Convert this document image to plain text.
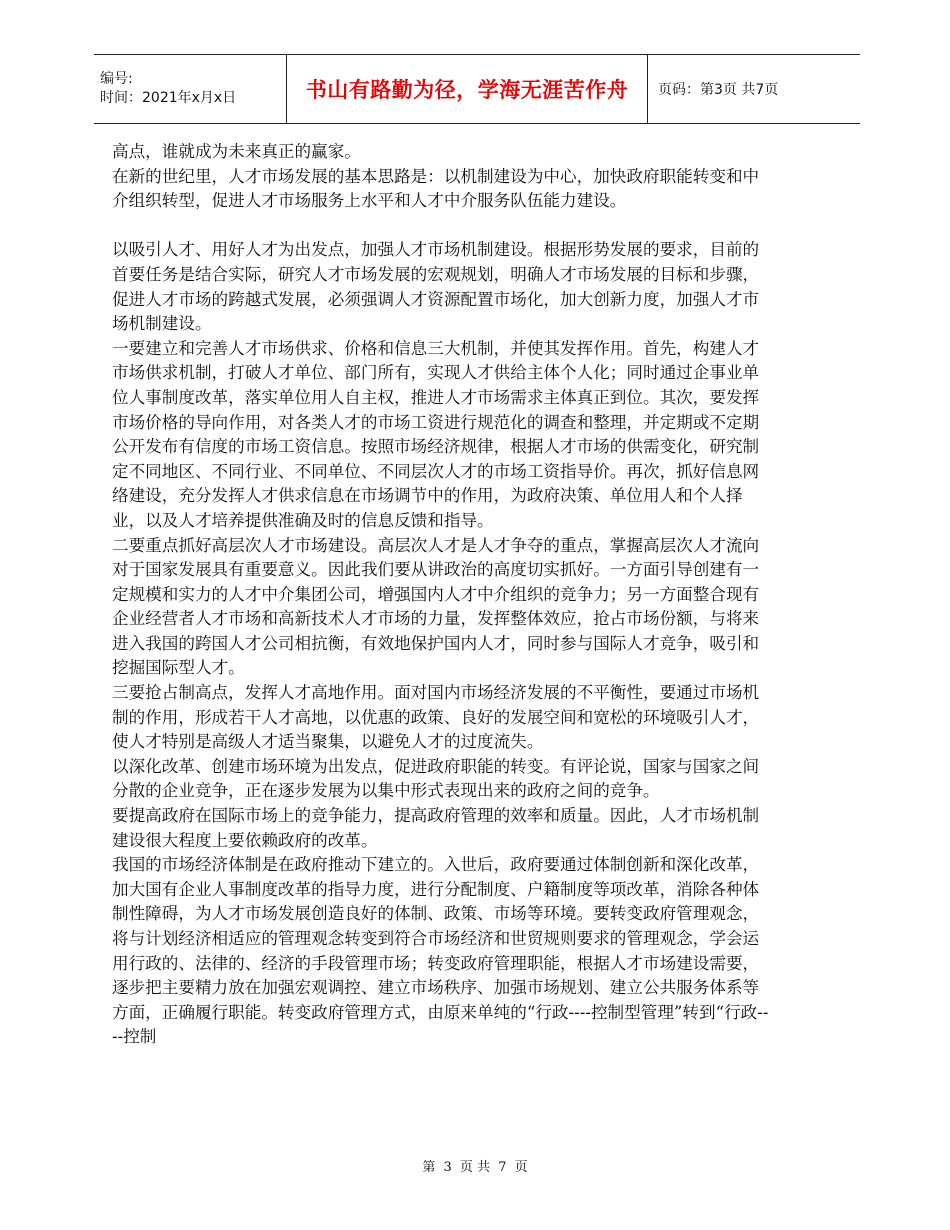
编号:
时间：2021年x月x日	书山有路勤为径，学海无涯苦作舟	页码：第3页 共7页

高点，谁就成为未来真正的赢家。

在新的世纪里，人才市场发展的基本思路是：以机制建设为中心，加快政府职能转变和中介组织转型，促进人才市场服务上水平和人才中介服务队伍能力建设。

以吸引人才、用好人才为出发点，加强人才市场机制建设。根据形势发展的要求，目前的首要任务是结合实际，研究人才市场发展的宏观规划，明确人才市场发展的目标和步骤，促进人才市场的跨越式发展，必须强调人才资源配置市场化，加大创新力度，加强人才市场机制建设。

一要建立和完善人才市场供求、价格和信息三大机制，并使其发挥作用。首先，构建人才市场供求机制，打破人才单位、部门所有，实现人才供给主体个人化；同时通过企事业单位人事制度改革，落实单位用人自主权，推进人才市场需求主体真正到位。其次，要发挥市场价格的导向作用，对各类人才的市场工资进行规范化的调查和整理，并定期或不定期公开发布有信度的市场工资信息。按照市场经济规律，根据人才市场的供需变化，研究制定不同地区、不同行业、不同单位、不同层次人才的市场工资指导价。再次，抓好信息网络建设，充分发挥人才供求信息在市场调节中的作用，为政府决策、单位用人和个人择业，以及人才培养提供准确及时的信息反馈和指导。

二要重点抓好高层次人才市场建设。高层次人才是人才争夺的重点，掌握高层次人才流向对于国家发展具有重要意义。因此我们要从讲政治的高度切实抓好。一方面引导创建有一定规模和实力的人才中介集团公司，增强国内人才中介组织的竞争力；另一方面整合现有企业经营者人才市场和高新技术人才市场的力量，发挥整体效应，抢占市场份额，与将来进入我国的跨国人才公司相抗衡，有效地保护国内人才，同时参与国际人才竞争，吸引和挖掘国际型人才。

三要抢占制高点，发挥人才高地作用。面对国内市场经济发展的不平衡性，要通过市场机制的作用，形成若干人才高地，以优惠的政策、良好的发展空间和宽松的环境吸引人才，使人才特别是高级人才适当聚集，以避免人才的过度流失。

以深化改革、创建市场环境为出发点，促进政府职能的转变。有评论说，国家与国家之间分散的企业竞争，正在逐步发展为以集中形式表现出来的政府之间的竞争。

要提高政府在国际市场上的竞争能力，提高政府管理的效率和质量。因此，人才市场机制建设很大程度上要依赖政府的改革。

我国的市场经济体制是在政府推动下建立的。入世后，政府要通过体制创新和深化改革，加大国有企业人事制度改革的指导力度，进行分配制度、户籍制度等项改革，消除各种体制性障碍，为人才市场发展创造良好的体制、政策、市场等环境。要转变政府管理观念，将与计划经济相适应的管理观念转变到符合市场经济和世贸规则要求的管理观念，学会运用行政的、法律的、经济的手段管理市场；转变政府管理职能，根据人才市场建设需要，逐步把主要精力放在加强宏观调控、建立市场秩序、加强市场规划、建立公共服务体系等方面，正确履行职能。转变政府管理方式，由原来单纯的“行政----控制型管理”转到“行政----控制

第 3 页 共 7 页
